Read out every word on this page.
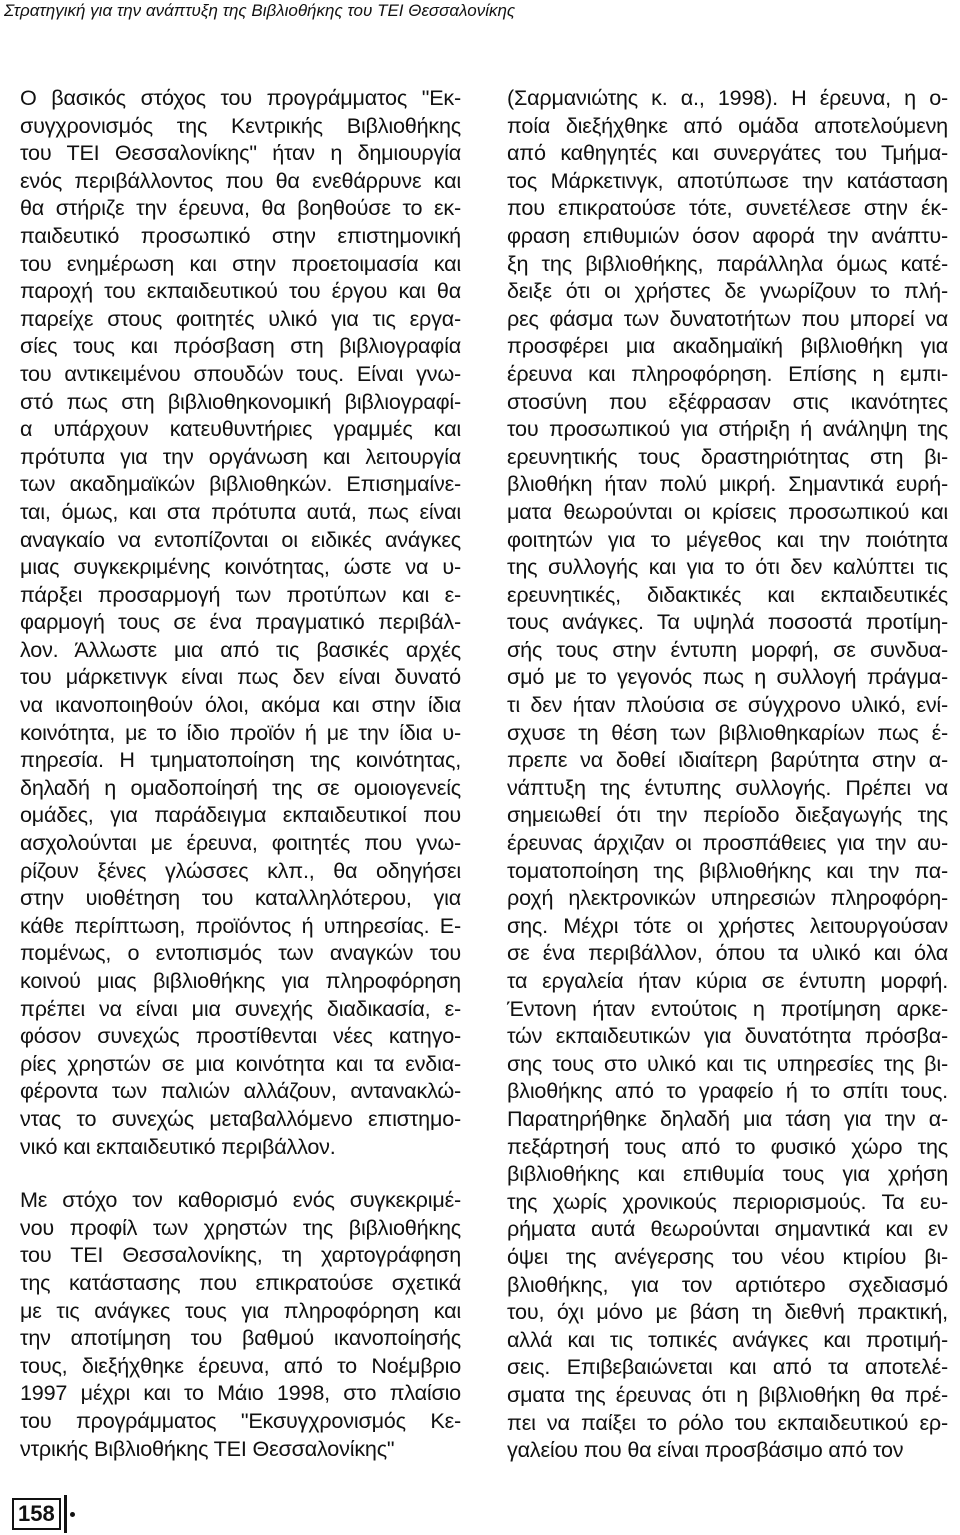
Στρατηγική για την ανάπτυξη της Βιβλιοθήκης του ΤΕΙ Θεσσαλονίκης
Ο βασικός στόχος του προγράμματος "Εκ-
συγχρονισμός της Κεντρικής Βιβλιοθήκης
του ΤΕΙ Θεσσαλονίκης" ήταν η δημιουργία
ενός περιβάλλοντος που θα ενεθάρρυνε και
θα στήριζε την έρευνα, θα βοηθούσε το εκ-
παιδευτικό προσωπικό στην επιστημονική
του ενημέρωση και στην προετοιμασία και
παροχή του εκπαιδευτικού του έργου και θα
παρείχε στους φοιτητές υλικό για τις εργα-
σίες τους και πρόσβαση στη βιβλιογραφία
του αντικειμένου σπουδών τους. Είναι γνω-
στό πως στη βιβλιοθηκονομική βιβλιογραφί-
α υπάρχουν κατευθυντήριες γραμμές και
πρότυπα για την οργάνωση και λειτουργία
των ακαδημαϊκών βιβλιοθηκών. Επισημαίνε-
ται, όμως, και στα πρότυπα αυτά, πως είναι
αναγκαίο να εντοπίζονται οι ειδικές ανάγκες
μιας συγκεκριμένης κοινότητας, ώστε να υ-
πάρξει προσαρμογή των προτύπων και ε-
φαρμογή τους σε ένα πραγματικό περιβάλ-
λον. Άλλωστε μια από τις βασικές αρχές
του μάρκετινγκ είναι πως δεν είναι δυνατό
να ικανοποιηθούν όλοι, ακόμα και στην ίδια
κοινότητα, με το ίδιο προϊόν ή με την ίδια υ-
πηρεσία. Η τμηματοποίηση της κοινότητας,
δηλαδή η ομαδοποίησή της σε ομοιογενείς
ομάδες, για παράδειγμα εκπαιδευτικοί που
ασχολούνται με έρευνα, φοιτητές που γνω-
ρίζουν ξένες γλώσσες κλπ., θα οδηγήσει
στην υιοθέτηση του καταλληλότερου, για
κάθε περίπτωση, προϊόντος ή υπηρεσίας. Ε-
πομένως, ο εντοπισμός των αναγκών του
κοινού μιας βιβλιοθήκης για πληροφόρηση
πρέπει να είναι μια συνεχής διαδικασία, ε-
φόσον συνεχώς προστίθενται νέες κατηγο-
ρίες χρηστών σε μια κοινότητα και τα ενδια-
φέροντα των παλιών αλλάζουν, αντανακλώ-
ντας το συνεχώς μεταβαλλόμενο επιστημο-
νικό και εκπαιδευτικό περιβάλλον.
Με στόχο τον καθορισμό ενός συγκεκριμέ-
νου προφίλ των χρηστών της βιβλιοθήκης
του ΤΕΙ Θεσσαλονίκης, τη χαρτογράφηση
της κατάστασης που επικρατούσε σχετικά
με τις ανάγκες τους για πληροφόρηση και
την αποτίμηση του βαθμού ικανοποίησής
τους, διεξήχθηκε έρευνα, από το Νοέμβριο
1997 μέχρι και το Μάιο 1998, στο πλαίσιο
του προγράμματος "Εκσυγχρονισμός Κε-
ντρικής Βιβλιοθήκης ΤΕΙ Θεσσαλονίκης"
(Σαρμανιώτης κ. α., 1998). Η έρευνα, η ο-
ποία διεξήχθηκε από ομάδα αποτελούμενη
από καθηγητές και συνεργάτες του Τμήμα-
τος Μάρκετινγκ, αποτύπωσε την κατάσταση
που επικρατούσε τότε, συνετέλεσε στην έκ-
φραση επιθυμιών όσον αφορά την ανάπτυ-
ξη της βιβλιοθήκης, παράλληλα όμως κατέ-
δειξε ότι οι χρήστες δε γνωρίζουν το πλή-
ρες φάσμα των δυνατοτήτων που μπορεί να
προσφέρει μια ακαδημαϊκή βιβλιοθήκη για
έρευνα και πληροφόρηση. Επίσης η εμπι-
στοσύνη που εξέφρασαν στις ικανότητες
του προσωπικού για στήριξη ή ανάληψη της
ερευνητικής τους δραστηριότητας στη βι-
βλιοθήκη ήταν πολύ μικρή. Σημαντικά ευρή-
ματα θεωρούνται οι κρίσεις προσωπικού και
φοιτητών για το μέγεθος και την ποιότητα
της συλλογής και για το ότι δεν καλύπτει τις
ερευνητικές, διδακτικές και εκπαιδευτικές
τους ανάγκες. Τα υψηλά ποσοστά προτίμη-
σής τους στην έντυπη μορφή, σε συνδυα-
σμό με το γεγονός πως η συλλογή πράγμα-
τι δεν ήταν πλούσια σε σύγχρονο υλικό, ενί-
σχυσε τη θέση των βιβλιοθηκαρίων πως έ-
πρεπε να δοθεί ιδιαίτερη βαρύτητα στην α-
νάπτυξη της έντυπης συλλογής. Πρέπει να
σημειωθεί ότι την περίοδο διεξαγωγής της
έρευνας άρχιζαν οι προσπάθειες για την αυ-
τοματοποίηση της βιβλιοθήκης και την πα-
ροχή ηλεκτρονικών υπηρεσιών πληροφόρη-
σης. Μέχρι τότε οι χρήστες λειτουργούσαν
σε ένα περιβάλλον, όπου τα υλικό και όλα
τα εργαλεία ήταν κύρια σε έντυπη μορφή.
Έντονη ήταν εντούτοις η προτίμηση αρκε-
τών εκπαιδευτικών για δυνατότητα πρόσβα-
σης τους στο υλικό και τις υπηρεσίες της βι-
βλιοθήκης από το γραφείο ή το σπίτι τους.
Παρατηρήθηκε δηλαδή μια τάση για την α-
πεξάρτησή τους από το φυσικό χώρο της
βιβλιοθήκης και επιθυμία τους για χρήση
της χωρίς χρονικούς περιορισμούς. Τα ευ-
ρήματα αυτά θεωρούνται σημαντικά και εν
όψει της ανέγερσης του νέου κτιρίου βι-
βλιοθήκης, για τον αρτιότερο σχεδιασμό
του, όχι μόνο με βάση τη διεθνή πρακτική,
αλλά και τις τοπικές ανάγκες και προτιμή-
σεις. Επιβεβαιώνεται και από τα αποτελέ-
σματα της έρευνας ότι η βιβλιοθήκη θα πρέ-
πει να παίξει το ρόλο του εκπαιδευτικού ερ-
γαλείου που θα είναι προσβάσιμο από τον
158
